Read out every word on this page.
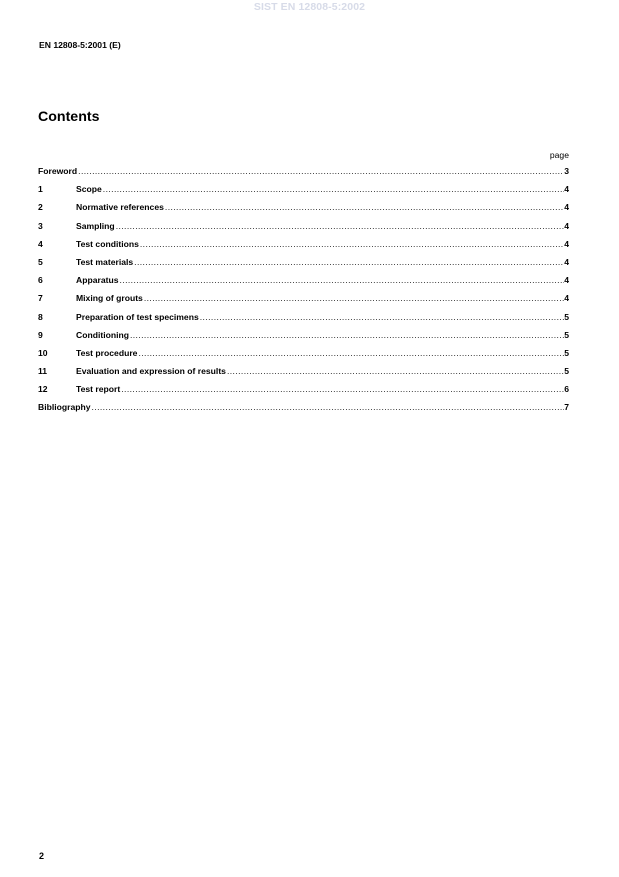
SIST EN 12808-5:2002
EN 12808-5:2001 (E)
Contents
page
Foreword .....	3
1	Scope .....	4
2	Normative references .....	4
3	Sampling .....	4
4	Test conditions .....	4
5	Test materials .....	4
6	Apparatus .....	4
7	Mixing of grouts .....	4
8	Preparation of test specimens .....	5
9	Conditioning .....	5
10	Test procedure .....	5
11	Evaluation and expression of results .....	5
12	Test report .....	6
Bibliography .....	7
2
